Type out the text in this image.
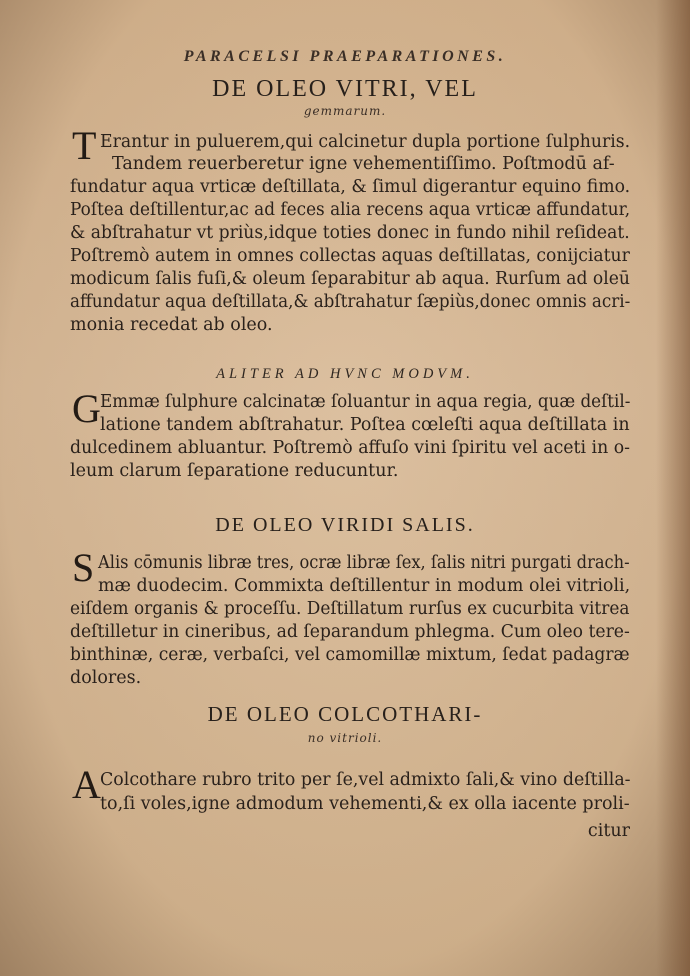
PARACELSI PRAEPARATIONES.
DE OLEO VITRI, VEL
gemmarum.
T Erantur in puluerem,qui calcinetur dupla portione ſulphuris.
Tandem reuerberetur igne vehementiſſimo. Poſtmodū af-
fundatur aqua vrticæ deſtillata, & ſimul digerantur equino fimo.
Poſtea deſtillentur,ac ad feces alia recens aqua vrticæ affundatur,
& abſtrahatur vt priùs,idque toties donec in fundo nihil reſideat.
Poſtremò autem in omnes collectas aquas deſtillatas, conijciatur
modicum ſalis fuſi,& oleum ſeparabitur ab aqua. Rurſum ad oleū
affundatur aqua deſtillata,& abſtrahatur ſæpiùs,donec omnis acri-
monia recedat ab oleo.
ALITER AD HVNC MODVM.
G Emmæ ſulphure calcinatæ ſoluantur in aqua regia, quæ deſtil-
latione tandem abſtrahatur. Poſtea cœleſti aqua deſtillata in
dulcedinem abluantur. Poſtremò affuſo vini ſpiritu vel aceti in o-
leum clarum ſeparatione reducuntur.
DE OLEO VIRIDI SALIS.
S Alis cōmunis libræ tres, ocræ libræ ſex, ſalis nitri purgati drach-
mæ duodecim. Commixta deſtillentur in modum olei vitrioli,
eiſdem organis & proceſſu. Deſtillatum rurſus ex cucurbita vitrea
deſtilletur in cineribus, ad ſeparandum phlegma. Cum oleo tere-
binthinæ, ceræ, verbaſci, vel camomillæ mixtum, ſedat padagræ
dolores.
DE OLEO COLCOTHARI-
no vitrioli.
A Colcothare rubro trito per ſe,vel admixto ſali,& vino deſtilla-
to,ſi voles,igne admodum vehementi,& ex olla iacente proli-
citur
